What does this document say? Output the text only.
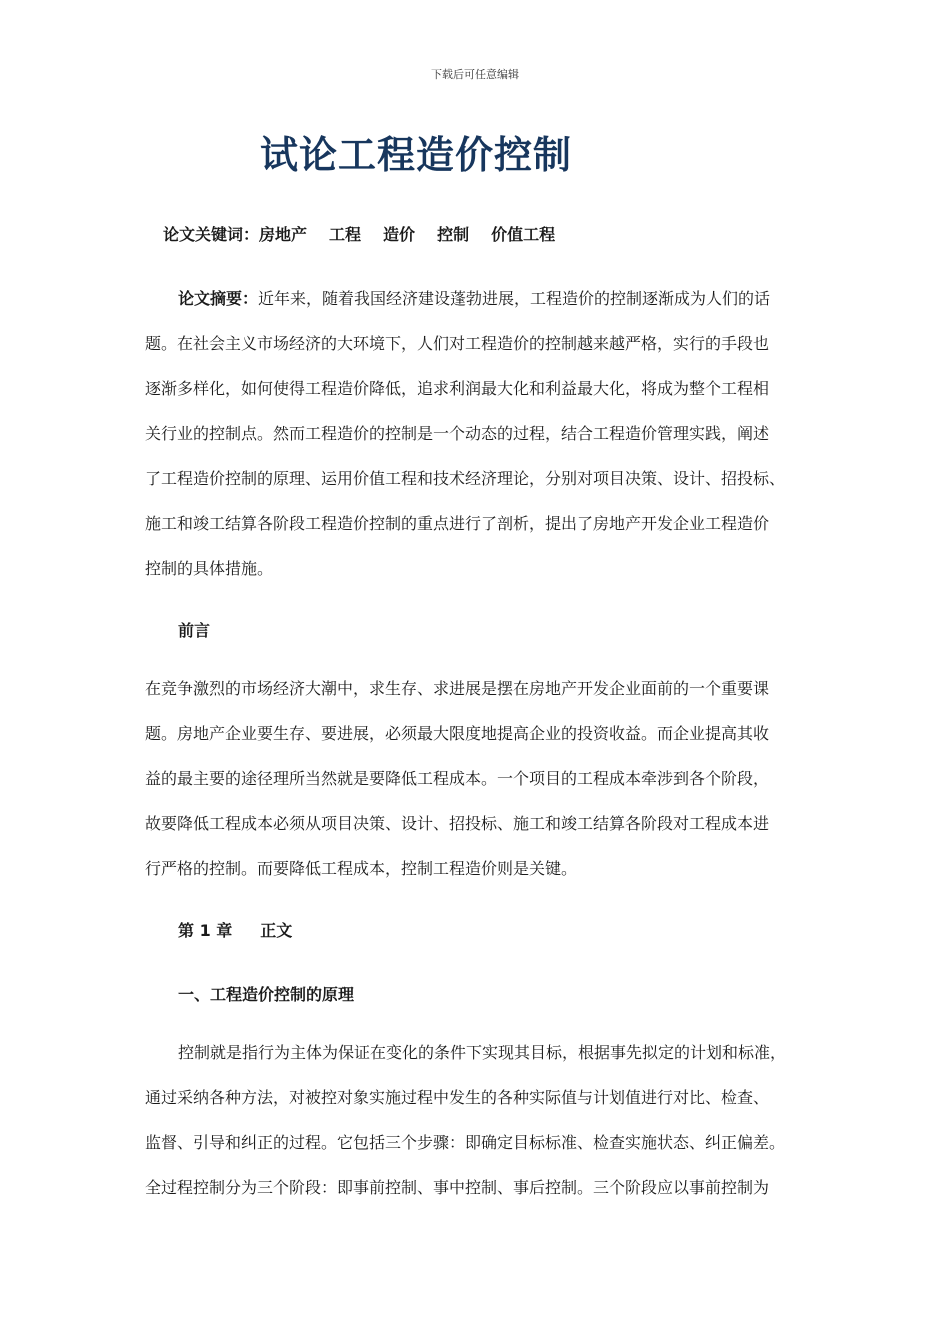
下载后可任意编辑
试论工程造价控制
论文关键词：房地产 工程 造价 控制 价值工程
论文摘要：近年来，随着我国经济建设蓬勃进展，工程造价的控制逐渐成为人们的话
题。在社会主义市场经济的大环境下，人们对工程造价的控制越来越严格，实行的手段也
逐渐多样化，如何使得工程造价降低，追求利润最大化和利益最大化，将成为整个工程相
关行业的控制点。然而工程造价的控制是一个动态的过程，结合工程造价管理实践，阐述
了工程造价控制的原理、运用价值工程和技术经济理论，分别对项目决策、设计、招投标、
施工和竣工结算各阶段工程造价控制的重点进行了剖析，提出了房地产开发企业工程造价
控制的具体措施。
前言
在竞争激烈的市场经济大潮中，求生存、求进展是摆在房地产开发企业面前的一个重要课
题。房地产企业要生存、要进展，必须最大限度地提高企业的投资收益。而企业提高其收
益的最主要的途径理所当然就是要降低工程成本。一个项目的工程成本牵涉到各个阶段，
故要降低工程成本必须从项目决策、设计、招投标、施工和竣工结算各阶段对工程成本进
行严格的控制。而要降低工程成本，控制工程造价则是关键。
第 1 章 正文
一、工程造价控制的原理
控制就是指行为主体为保证在变化的条件下实现其目标，根据事先拟定的计划和标准，
通过采纳各种方法，对被控对象实施过程中发生的各种实际值与计划值进行对比、检查、
监督、引导和纠正的过程。它包括三个步骤：即确定目标标准、检查实施状态、纠正偏差。
全过程控制分为三个阶段：即事前控制、事中控制、事后控制。三个阶段应以事前控制为
